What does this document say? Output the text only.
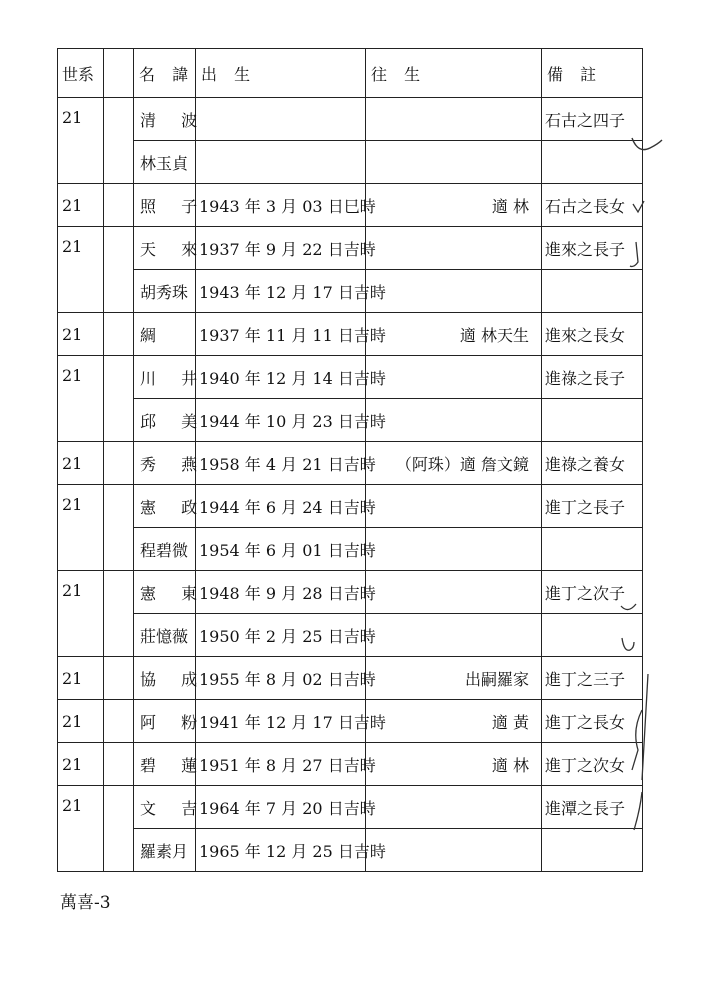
世系		名 諱	出 生	往 生	備 註
21		清 波			石古之四子
		林玉貞			
21		照 子	1943 年 3 月 03 日巳時	適 林	石古之長女
21		天 來	1937 年 9 月 22 日吉時		進來之長子
		胡秀珠	1943 年 12 月 17 日吉時		
21		綢	1937 年 11 月 11 日吉時	適 林天生	進來之長女
21		川 井	1940 年 12 月 14 日吉時		進祿之長子
		邱 美	1944 年 10 月 23 日吉時		
21		秀 燕	1958 年 4 月 21 日吉時	（阿珠）適 詹文鏡	進祿之養女
21		憲 政	1944 年 6 月 24 日吉時		進丁之長子
		程碧微	1954 年 6 月 01 日吉時		
21		憲 東	1948 年 9 月 28 日吉時		進丁之次子
		莊憶薇	1950 年 2 月 25 日吉時		
21		協 成	1955 年 8 月 02 日吉時	出嗣羅家	進丁之三子
21		阿 粉	1941 年 12 月 17 日吉時	適 黃	進丁之長女
21		碧 蓮	1951 年 8 月 27 日吉時	適 林	進丁之次女
21		文 吉	1964 年 7 月 20 日吉時		進潭之長子
		羅素月	1965 年 12 月 25 日吉時		
萬喜-3
